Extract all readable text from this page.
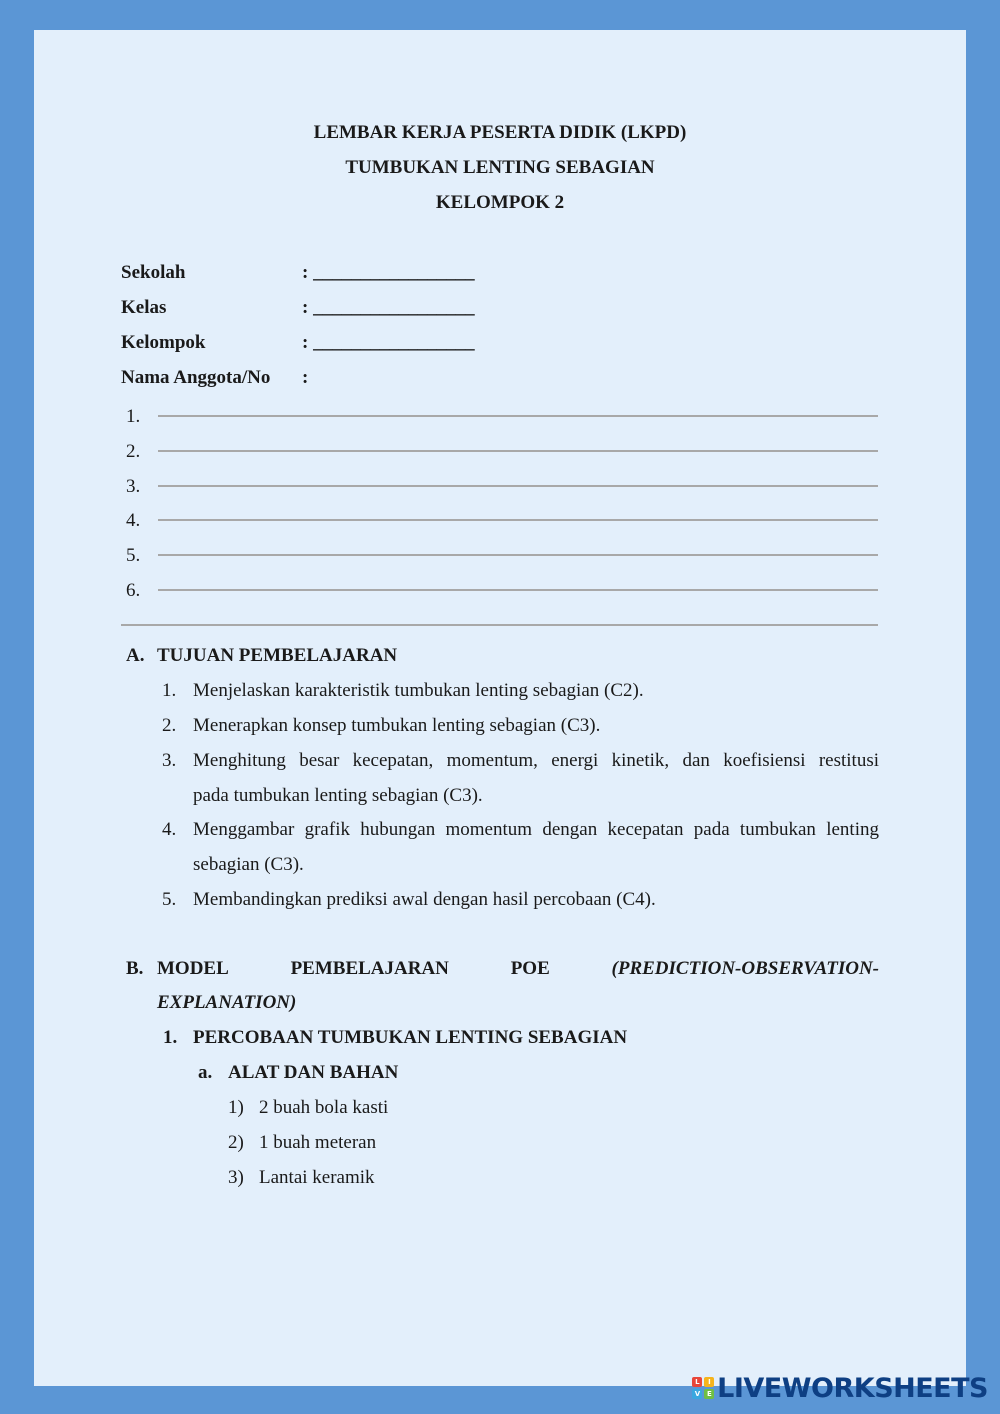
LEMBAR KERJA PESERTA DIDIK (LKPD)
TUMBUKAN LENTING SEBAGIAN
KELOMPOK 2
Sekolah	: _________________
Kelas	: _________________
Kelompok	: _________________
Nama Anggota/No :
1.
2.
3.
4.
5.
6.
A. TUJUAN PEMBELAJARAN
1. Menjelaskan karakteristik tumbukan lenting sebagian (C2).
2. Menerapkan konsep tumbukan lenting sebagian (C3).
3. Menghitung besar kecepatan, momentum, energi kinetik, dan koefisiensi restitusi
pada tumbukan lenting sebagian (C3).
4. Menggambar grafik hubungan momentum dengan kecepatan pada tumbukan lenting
sebagian (C3).
5. Membandingkan prediksi awal dengan hasil percobaan (C4).
B. MODEL	PEMBELAJARAN	POE	(PREDICTION-OBSERVATION-
EXPLANATION)
1. PERCOBAAN TUMBUKAN LENTING SEBAGIAN
a. ALAT DAN BAHAN
1) 2 buah bola kasti
2) 1 buah meteran
3) Lantai keramik
L	I
V	E LIVEWORKSHEETS
